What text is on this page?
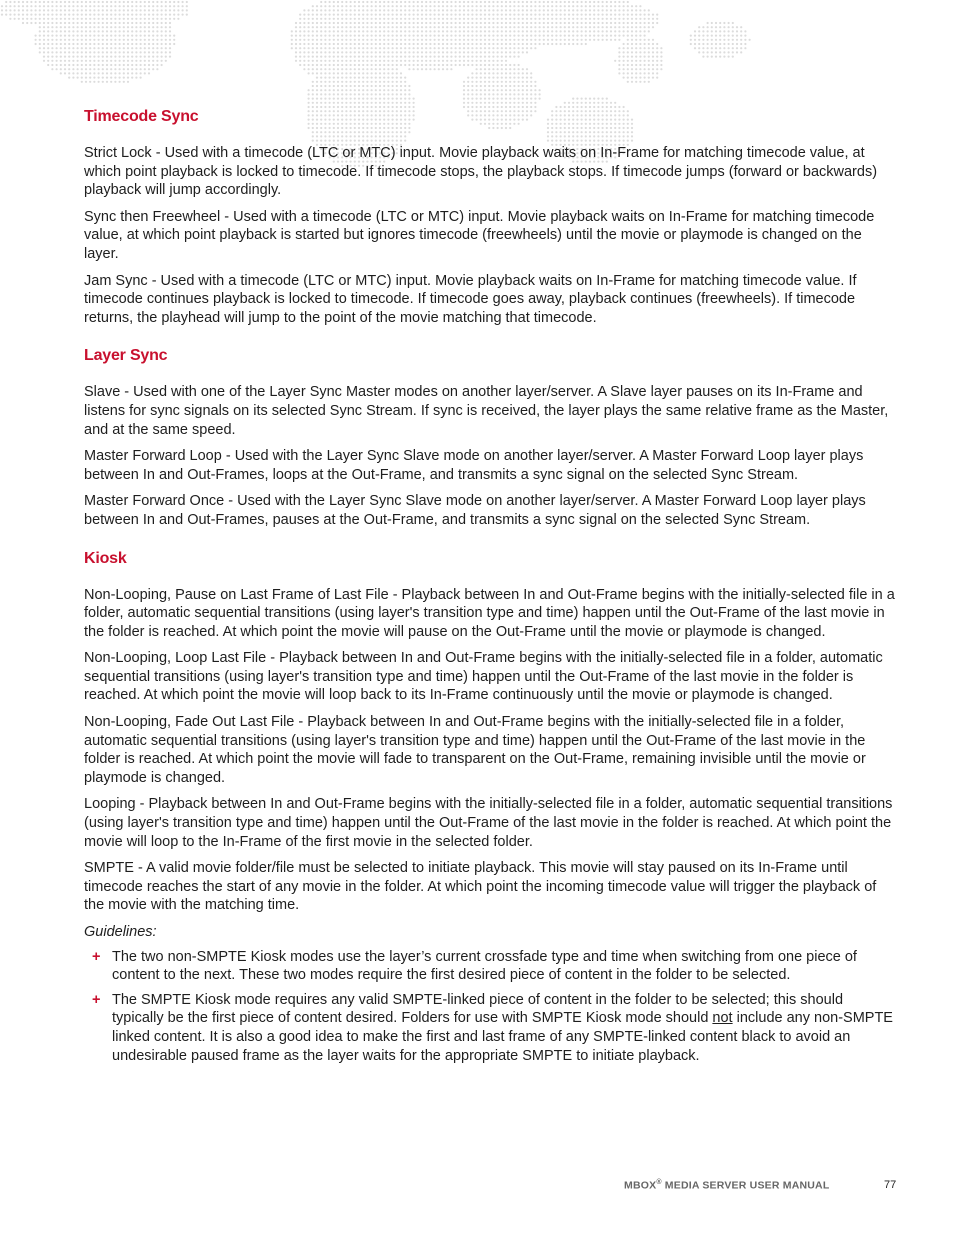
Timecode Sync

Strict Lock - Used with a timecode (LTC or MTC) input. Movie playback waits on In-Frame for matching timecode value, at which point playback is locked to timecode. If timecode stops, the playback stops. If timecode jumps (forward or backwards) playback will jump accordingly.

Sync then Freewheel - Used with a timecode (LTC or MTC) input. Movie playback waits on In-Frame for matching timecode value, at which point playback is started but ignores timecode (freewheels) until the movie or playmode is changed on the layer.

Jam Sync - Used with a timecode (LTC or MTC) input. Movie playback waits on In-Frame for matching timecode value. If timecode continues playback is locked to timecode. If timecode goes away, playback continues (freewheels). If timecode returns, the playhead will jump to the point of the movie matching that timecode.

Layer Sync

Slave - Used with one of the Layer Sync Master modes on another layer/server. A Slave layer pauses on its In-Frame and listens for sync signals on its selected Sync Stream. If sync is received, the layer plays the same relative frame as the Master, and at the same speed.

Master Forward Loop - Used with the Layer Sync Slave mode on another layer/server. A Master Forward Loop layer plays between In and Out-Frames, loops at the Out-Frame, and transmits a sync signal on the selected Sync Stream.

Master Forward Once - Used with the Layer Sync Slave mode on another layer/server. A Master Forward Loop layer plays between In and Out-Frames, pauses at the Out-Frame, and transmits a sync signal on the selected Sync Stream.

Kiosk

Non-Looping, Pause on Last Frame of Last File - Playback between In and Out-Frame begins with the initially-selected file in a folder, automatic sequential transitions (using layer's transition type and time) happen until the Out-Frame of the last movie in the folder is reached. At which point the movie will pause on the Out-Frame until the movie or playmode is changed.

Non-Looping, Loop Last File - Playback between In and Out-Frame begins with the initially-selected file in a folder, automatic sequential transitions (using layer's transition type and time) happen until the Out-Frame of the last movie in the folder is reached. At which point the movie will loop back to its In-Frame continuously until the movie or playmode is changed.

Non-Looping, Fade Out Last File - Playback between In and Out-Frame begins with the initially-selected file in a folder, automatic sequential transitions (using layer's transition type and time) happen until the Out-Frame of the last movie in the folder is reached. At which point the movie will fade to transparent on the Out-Frame, remaining invisible until the movie or playmode is changed.

Looping - Playback between In and Out-Frame begins with the initially-selected file in a folder, automatic sequential transitions (using layer's transition type and time) happen until the Out-Frame of the last movie in the folder is reached. At which point the movie will loop to the In-Frame of the first movie in the selected folder.

SMPTE - A valid movie folder/file must be selected to initiate playback. This movie will stay paused on its In-Frame until timecode reaches the start of any movie in the folder. At which point the incoming timecode value will trigger the playback of the movie with the matching time.

Guidelines:

+ The two non-SMPTE Kiosk modes use the layer’s current crossfade type and time when switching from one piece of content to the next. These two modes require the first desired piece of content in the folder to be selected.
+ The SMPTE Kiosk mode requires any valid SMPTE-linked piece of content in the folder to be selected; this should typically be the first piece of content desired. Folders for use with SMPTE Kiosk mode should not include any non-SMPTE linked content. It is also a good idea to make the first and last frame of any SMPTE-linked content black to avoid an undesirable paused frame as the layer waits for the appropriate SMPTE to initiate playback.
MBOX® MEDIA SERVER USER MANUAL	77
